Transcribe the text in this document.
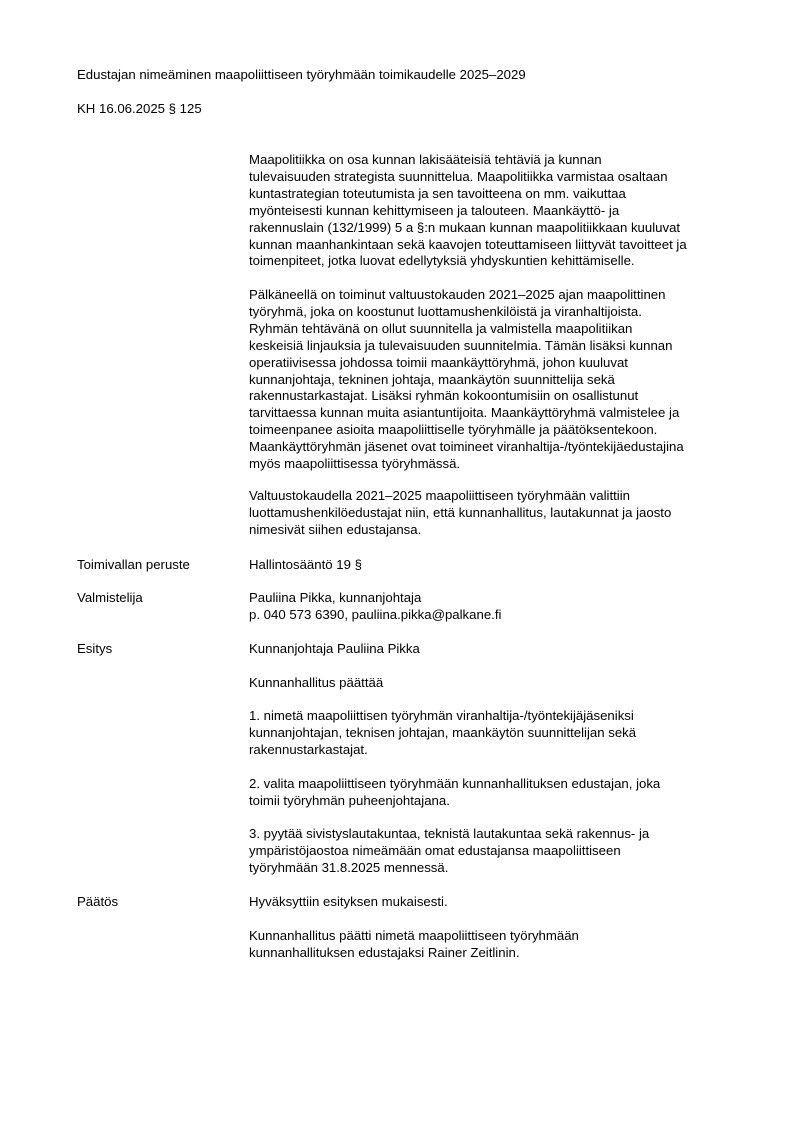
Edustajan nimeäminen maapoliittiseen työryhmään toimikaudelle 2025–2029

KH 16.06.2025 § 125

Maapolitiikka on osa kunnan lakisääteisiä tehtäviä ja kunnan
tulevaisuuden strategista suunnittelua. Maapolitiikka varmistaa osaltaan
kuntastrategian toteutumista ja sen tavoitteena on mm. vaikuttaa
myönteisesti kunnan kehittymiseen ja talouteen. Maankäyttö- ja
rakennuslain (132/1999) 5 a §:n mukaan kunnan maapolitiikkaan kuuluvat
kunnan maanhankintaan sekä kaavojen toteuttamiseen liittyvät tavoitteet ja
toimenpiteet, jotka luovat edellytyksiä yhdyskuntien kehittämiselle.

Pälkäneellä on toiminut valtuustokauden 2021–2025 ajan maapolittinen
työryhmä, joka on koostunut luottamushenkilöistä ja viranhaltijoista.
Ryhmän tehtävänä on ollut suunnitella ja valmistella maapolitiikan
keskeisiä linjauksia ja tulevaisuuden suunnitelmia. Tämän lisäksi kunnan
operatiivisessa johdossa toimii maankäyttöryhmä, johon kuuluvat
kunnanjohtaja, tekninen johtaja, maankäytön suunnittelija sekä
rakennustarkastajat. Lisäksi ryhmän kokoontumisiin on osallistunut
tarvittaessa kunnan muita asiantuntijoita. Maankäyttöryhmä valmistelee ja
toimeenpanee asioita maapoliittiselle työryhmälle ja päätöksentekoon.
Maankäyttöryhmän jäsenet ovat toimineet viranhaltija-/työntekijäedustajina
myös maapoliittisessa työryhmässä.

Valtuustokaudella 2021–2025 maapoliittiseen työryhmään valittiin
luottamushenkilöedustajat niin, että kunnanhallitus, lautakunnat ja jaosto
nimesivät siihen edustajansa.

Toimivallan peruste	Hallintosääntö 19 §

Valmistelija	Pauliina Pikka, kunnanjohtaja
p. 040 573 6390, pauliina.pikka@palkane.fi

Esitys	Kunnanjohtaja Pauliina Pikka

Kunnanhallitus päättää

1. nimetä maapoliittisen työryhmän viranhaltija-/työntekijäjäseniksi
kunnanjohtajan, teknisen johtajan, maankäytön suunnittelijan sekä
rakennustarkastajat.

2. valita maapoliittiseen työryhmään kunnanhallituksen edustajan, joka
toimii työryhmän puheenjohtajana.

3. pyytää sivistyslautakuntaa, teknistä lautakuntaa sekä rakennus- ja
ympäristöjaostoa nimeämään omat edustajansa maapoliittiseen
työryhmään 31.8.2025 mennessä.

Päätös	Hyväksyttiin esityksen mukaisesti.

Kunnanhallitus päätti nimetä maapoliittiseen työryhmään
kunnanhallituksen edustajaksi Rainer Zeitlinin.
